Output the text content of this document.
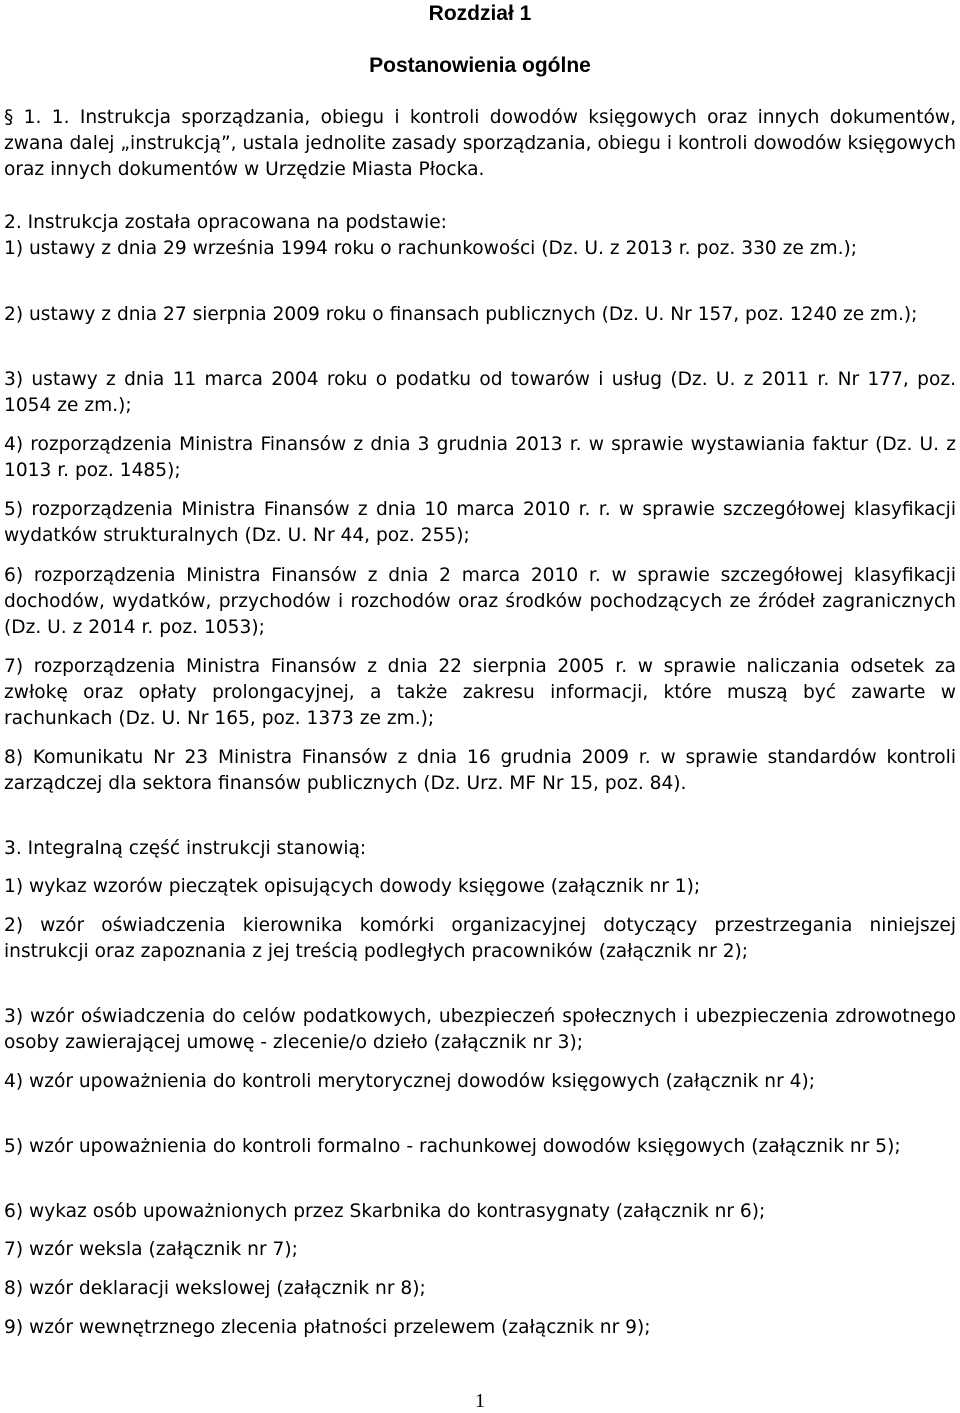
Rozdział 1

Postanowienia ogólne

§ 1. 1. Instrukcja sporządzania, obiegu i kontroli dowodów księgowych oraz innych dokumentów, zwana dalej „instrukcją”, ustala jednolite zasady sporządzania, obiegu i kontroli dowodów księgowych oraz innych dokumentów w Urzędzie Miasta Płocka.

2. Instrukcja została opracowana na podstawie:

1) ustawy z dnia 29 września 1994 roku o rachunkowości (Dz. U. z 2013 r. poz. 330 ze zm.);

2) ustawy z dnia 27 sierpnia 2009 roku o finansach publicznych (Dz. U. Nr 157, poz. 1240 ze zm.);

3) ustawy z dnia 11 marca 2004 roku o podatku od towarów i usług (Dz. U. z 2011 r. Nr 177, poz. 1054 ze zm.);

4) rozporządzenia Ministra Finansów z dnia 3 grudnia 2013 r. w sprawie wystawiania faktur (Dz. U. z 1013 r. poz. 1485);

5) rozporządzenia Ministra Finansów z dnia 10 marca 2010 r. r. w sprawie szczegółowej klasyfikacji wydatków strukturalnych (Dz. U. Nr 44, poz. 255);

6) rozporządzenia Ministra Finansów z dnia 2 marca 2010 r. w sprawie szczegółowej klasyfikacji dochodów, wydatków, przychodów i rozchodów oraz środków pochodzących ze źródeł zagranicznych (Dz. U. z 2014 r. poz. 1053);

7) rozporządzenia Ministra Finansów z dnia 22 sierpnia 2005 r. w sprawie naliczania odsetek za zwłokę oraz opłaty prolongacyjnej, a także zakresu informacji, które muszą być zawarte w rachunkach (Dz. U. Nr 165, poz. 1373 ze zm.);

8) Komunikatu Nr 23 Ministra Finansów z dnia 16 grudnia 2009 r. w sprawie standardów kontroli zarządczej dla sektora finansów publicznych (Dz. Urz. MF Nr 15, poz. 84).

3. Integralną część instrukcji stanowią:

1) wykaz wzorów pieczątek opisujących dowody księgowe (załącznik nr 1);

2) wzór oświadczenia kierownika komórki organizacyjnej dotyczący przestrzegania niniejszej instrukcji oraz zapoznania z jej treścią podległych pracowników (załącznik nr 2);

3) wzór oświadczenia do celów podatkowych, ubezpieczeń społecznych i ubezpieczenia zdrowotnego osoby zawierającej umowę - zlecenie/o dzieło (załącznik nr 3);

4) wzór upoważnienia do kontroli merytorycznej dowodów księgowych (załącznik nr 4);

5) wzór upoważnienia do kontroli formalno - rachunkowej dowodów księgowych (załącznik nr 5);

6) wykaz osób upoważnionych przez Skarbnika do kontrasygnaty (załącznik nr 6);

7) wzór weksla (załącznik nr 7);

8) wzór deklaracji wekslowej (załącznik nr 8);

9) wzór wewnętrznego zlecenia płatności przelewem (załącznik nr 9);

1
